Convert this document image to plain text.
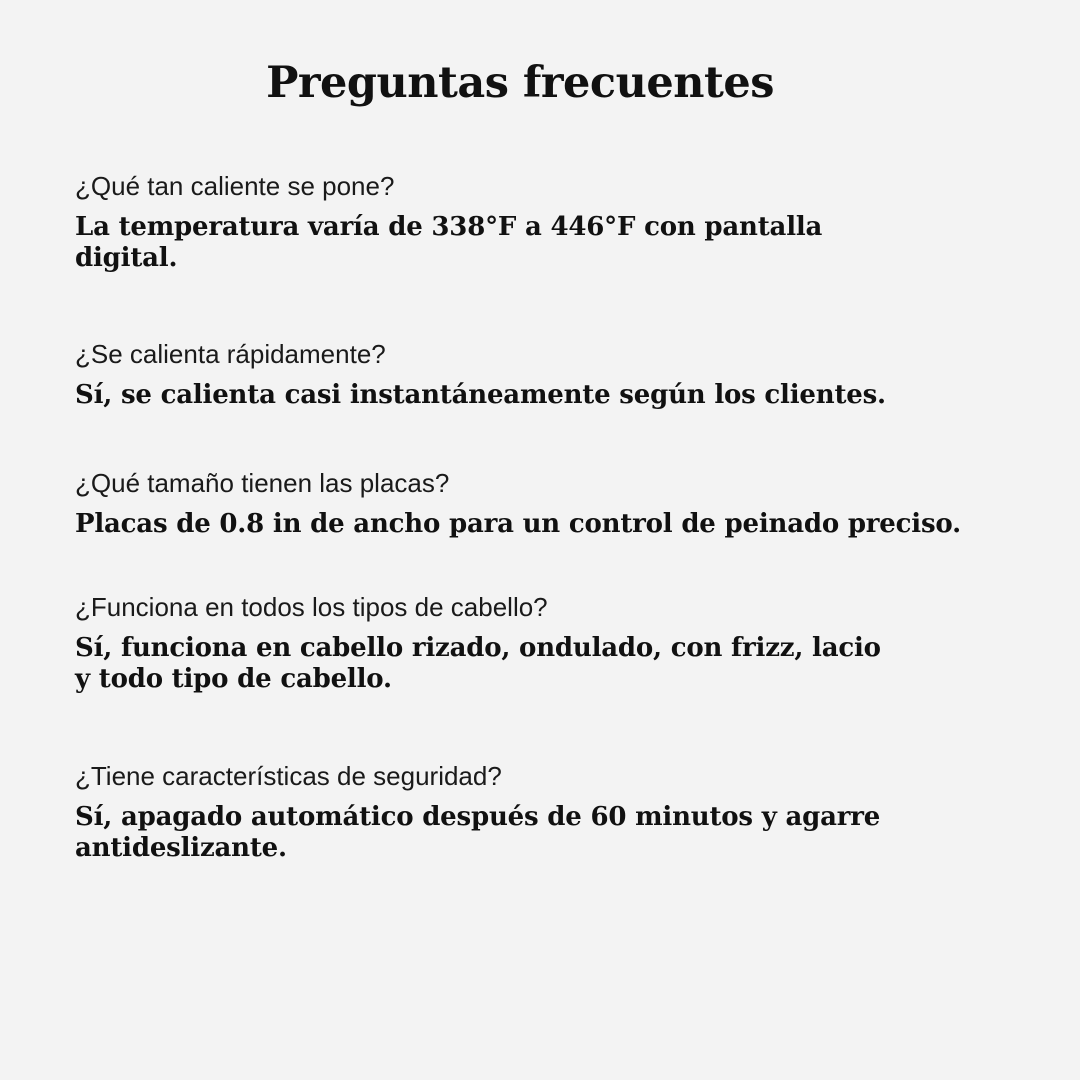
Preguntas frecuentes

¿Qué tan caliente se pone?

La temperatura varía de 338°F a 446°F con pantalla
digital.

¿Se calienta rápidamente?

Sí, se calienta casi instantáneamente según los clientes.

¿Qué tamaño tienen las placas?

Placas de 0.8 in de ancho para un control de peinado preciso.

¿Funciona en todos los tipos de cabello?

Sí, funciona en cabello rizado, ondulado, con frizz, lacio
y todo tipo de cabello.

¿Tiene características de seguridad?

Sí, apagado automático después de 60 minutos y agarre
antideslizante.
